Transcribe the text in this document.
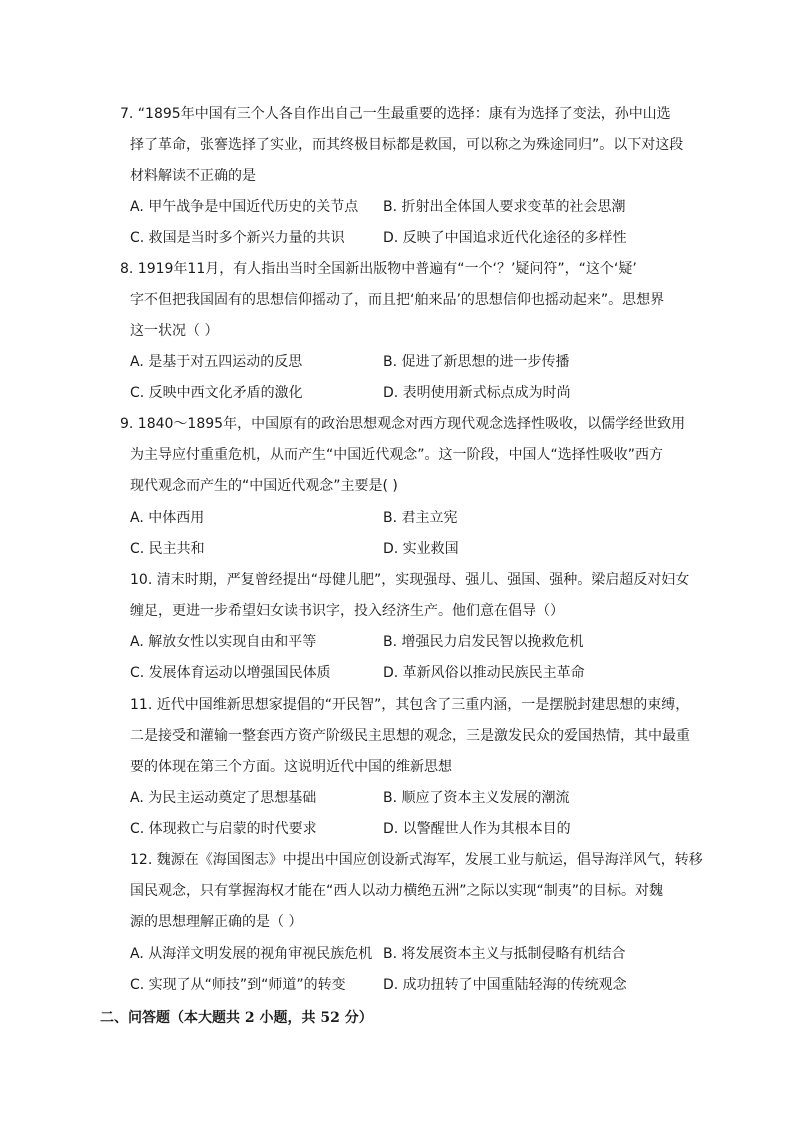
7. “1895年中国有三个人各自作出自己一生最重要的选择：康有为选择了变法，孙中山选
择了革命，张謇选择了实业，而其终极目标都是救国，可以称之为殊途同归”。以下对这段
材料解读不正确的是
A. 甲午战争是中国近代历史的关节点 B. 折射出全体国人要求变革的社会思潮
C. 救国是当时多个新兴力量的共识	D. 反映了中国追求近代化途径的多样性
8. 1919年11月，有人指出当时全国新出版物中普遍有“一个‘？’疑问符”，“这个‘疑’
字不但把我国固有的思想信仰摇动了，而且把‘舶来品’的思想信仰也摇动起来”。思想界
这一状况（ ）
A. 是基于对五四运动的反思	B. 促进了新思想的进一步传播
C. 反映中西文化矛盾的激化	D. 表明使用新式标点成为时尚
9. 1840～1895年，中国原有的政治思想观念对西方现代观念选择性吸收，以儒学经世致用
为主导应付重重危机，从而产生“中国近代观念”。这一阶段，中国人“选择性吸收”西方
现代观念而产生的“中国近代观念”主要是( )
A. 中体西用	B. 君主立宪
C. 民主共和	D. 实业救国
10. 清末时期，严复曾经提出“母健儿肥”，实现强母、强儿、强国、强种。梁启超反对妇女
缠足，更进一步希望妇女读书识字，投入经济生产。他们意在倡导（）
A. 解放女性以实现自由和平等	B. 增强民力启发民智以挽救危机
C. 发展体育运动以增强国民体质	D. 革新风俗以推动民族民主革命
11. 近代中国维新思想家提倡的“开民智”，其包含了三重内涵，一是摆脱封建思想的束缚，
二是接受和灌输一整套西方资产阶级民主思想的观念，三是激发民众的爱国热情，其中最重
要的体现在第三个方面。这说明近代中国的维新思想
A. 为民主运动奠定了思想基础	B. 顺应了资本主义发展的潮流
C. 体现救亡与启蒙的时代要求	D. 以警醒世人作为其根本目的
12. 魏源在《海国图志》中提出中国应创设新式海军，发展工业与航运，倡导海洋风气，转移
国民观念，只有掌握海权才能在“西人以动力横绝五洲”之际以实现“制夷”的目标。对魏
源的思想理解正确的是（ ）
A. 从海洋文明发展的视角审视民族危机 B. 将发展资本主义与抵制侵略有机结合
C. 实现了从“师技”到“师道”的转变	D. 成功扭转了中国重陆轻海的传统观念
二、问答题（本大题共 2 小题，共 52 分）
